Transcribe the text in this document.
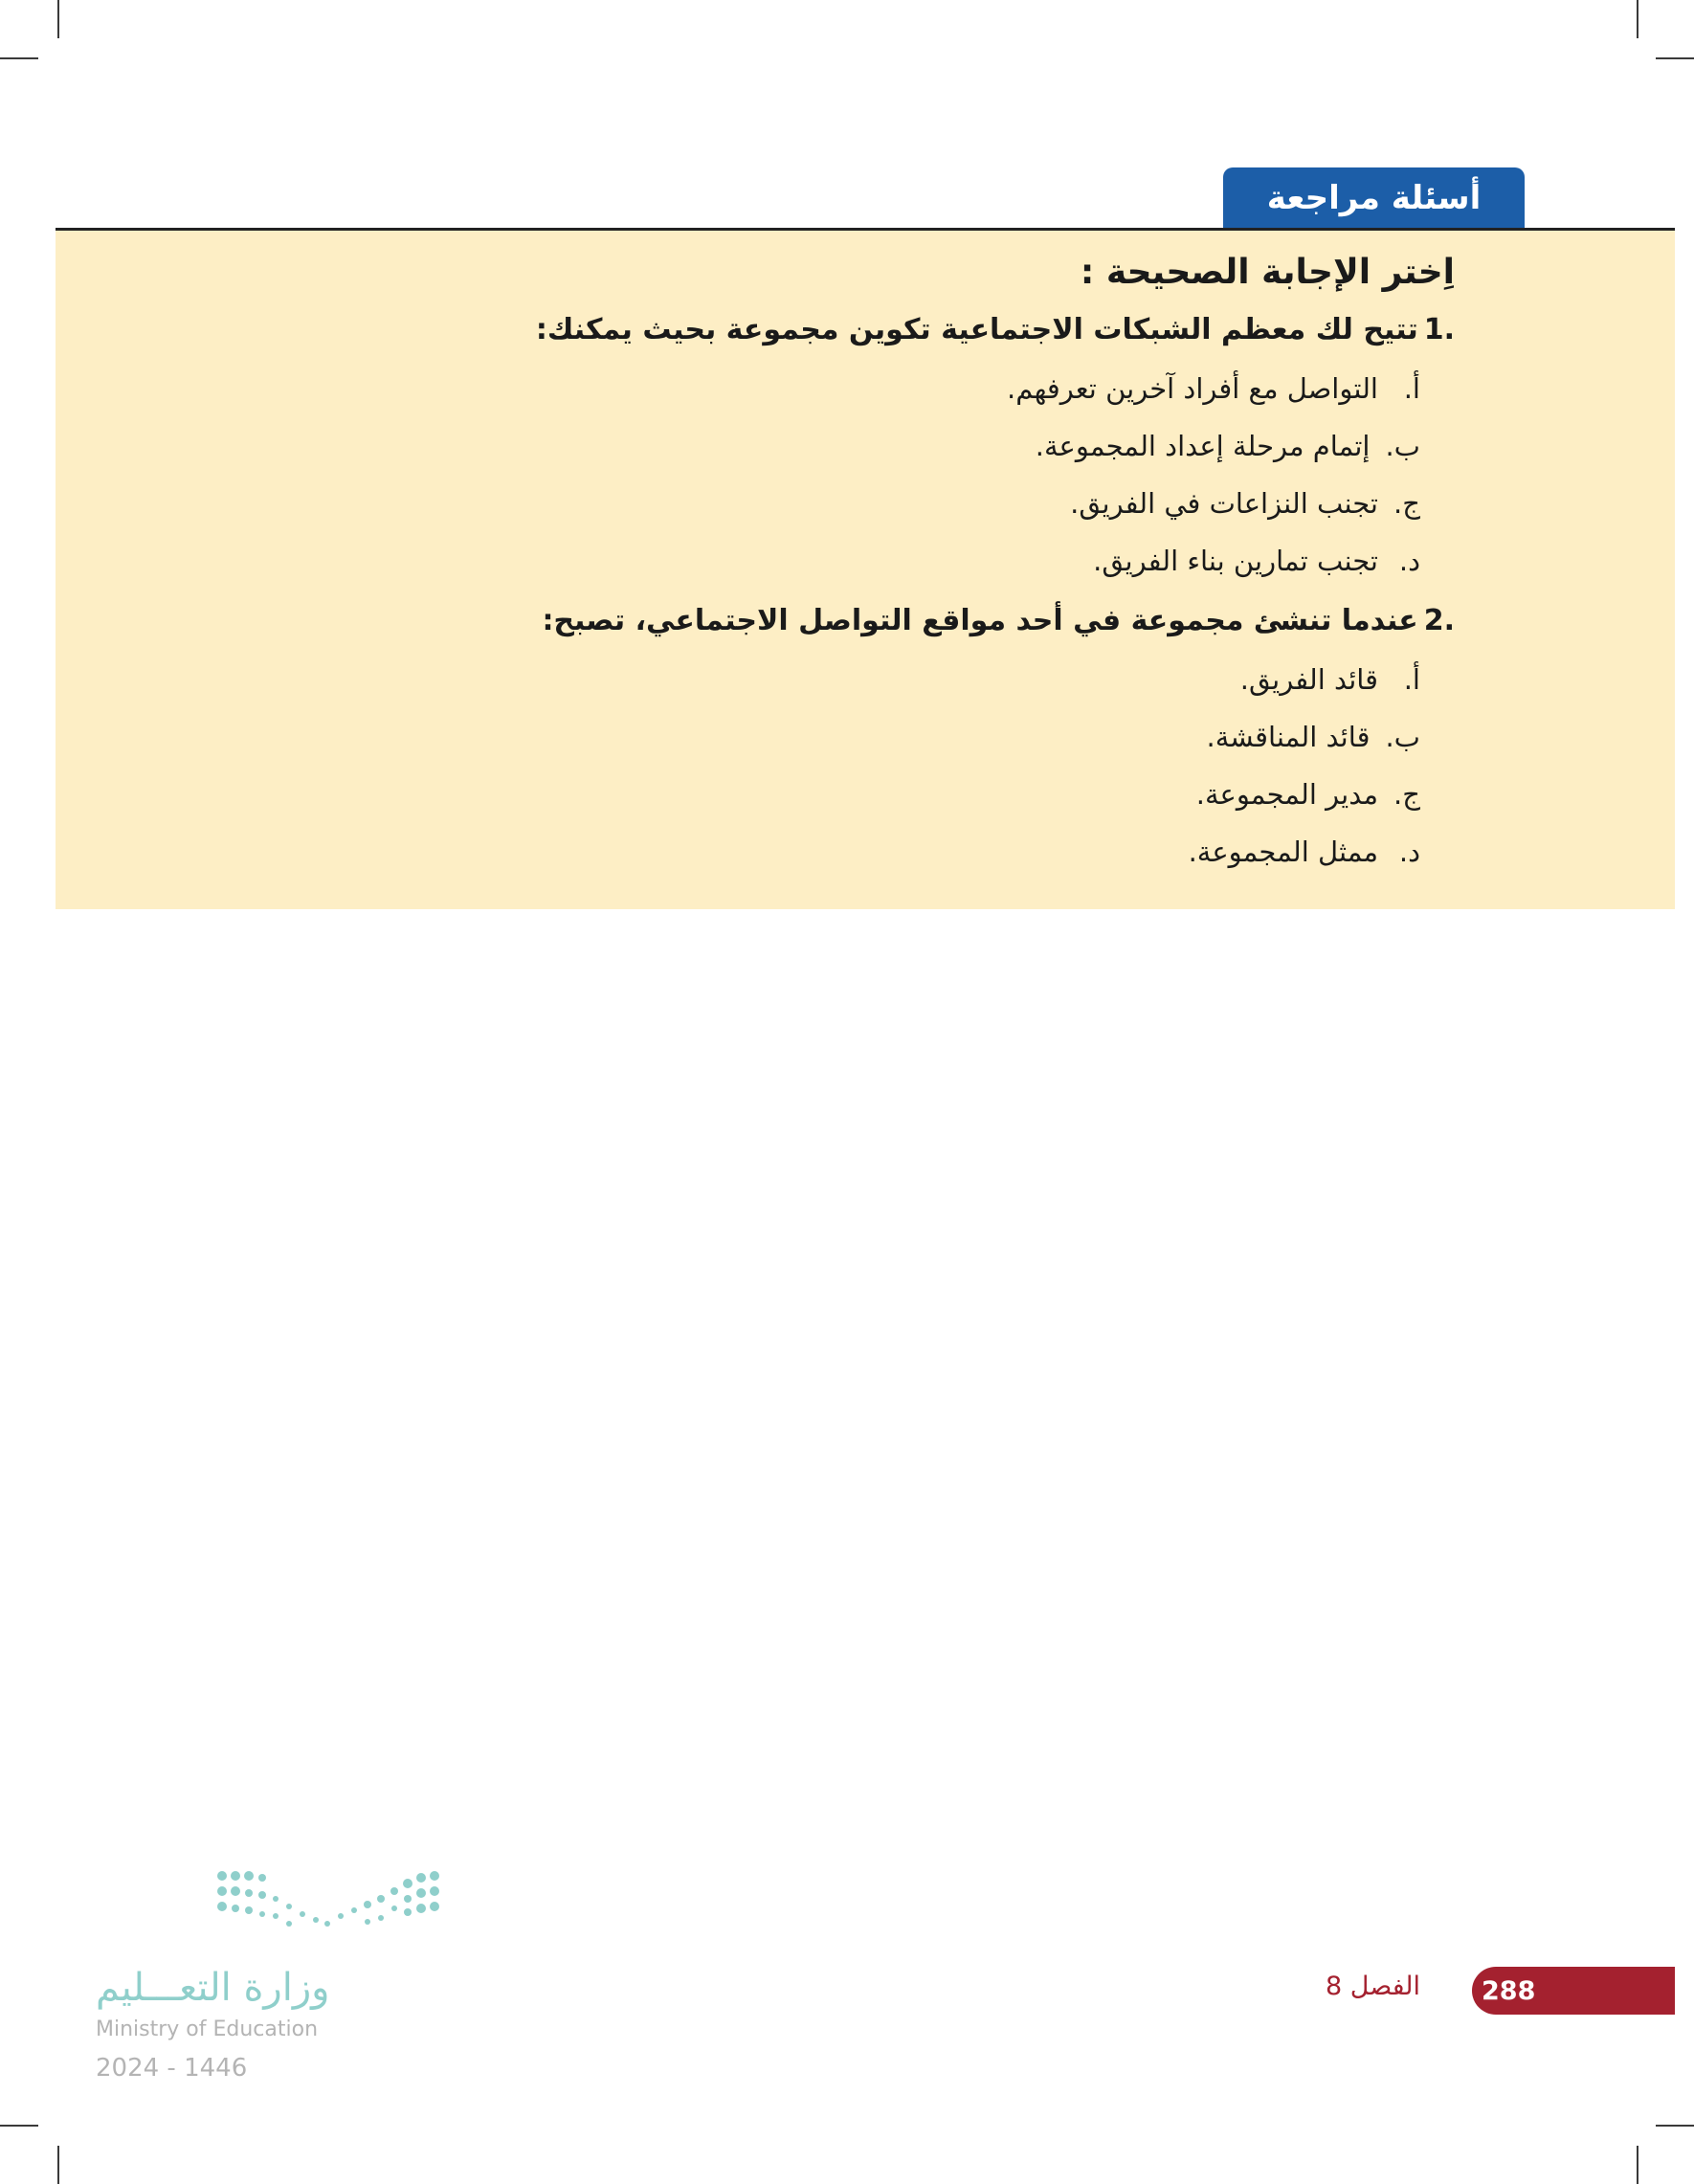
أسئلة مراجعة
اِختر الإجابة الصحيحة :
1.
تتيح لك معظم الشبكات الاجتماعية تكوين مجموعة بحيث يمكنك:
أ.
التواصل مع أفراد آخرين تعرفهم.
ب.
إتمام مرحلة إعداد المجموعة.
ج.
تجنب النزاعات في الفريق.
د.
تجنب تمارين بناء الفريق.
2.
عندما تنشئ مجموعة في أحد مواقع التواصل الاجتماعي، تصبح:
أ.
قائد الفريق.
ب.
قائد المناقشة.
ج.
مدير المجموعة.
د.
ممثل المجموعة.
الفصل 8 288
وزارة التعـــليم
Ministry of Education
2024 - 1446
